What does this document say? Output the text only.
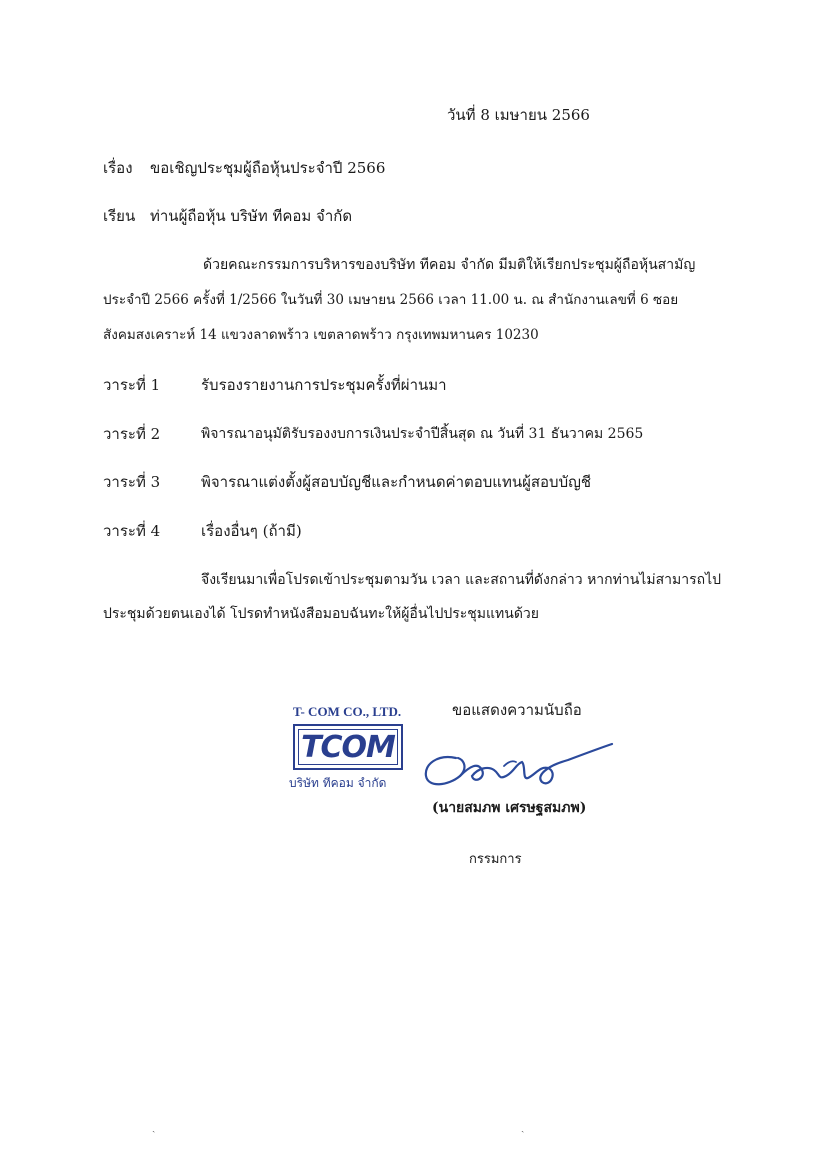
วันที่ 8 เมษายน 2566
เรื่อง ขอเชิญประชุมผู้ถือหุ้นประจำปี 2566
เรียน ท่านผู้ถือหุ้น บริษัท ทีคอม จำกัด
ด้วยคณะกรรมการบริหารของบริษัท ทีคอม จำกัด มีมติให้เรียกประชุมผู้ถือหุ้นสามัญ
ประจำปี 2566 ครั้งที่ 1/2566 ในวันที่ 30 เมษายน 2566 เวลา 11.00 น. ณ สำนักงานเลขที่ 6 ซอย
สังคมสงเคราะห์ 14 แขวงลาดพร้าว เขตลาดพร้าว กรุงเทพมหานคร 10230
วาระที่ 1	รับรองรายงานการประชุมครั้งที่ผ่านมา
วาระที่ 2	พิจารณาอนุมัติรับรองงบการเงินประจำปีสิ้นสุด ณ วันที่ 31 ธันวาคม 2565
วาระที่ 3	พิจารณาแต่งตั้งผู้สอบบัญชีและกำหนดค่าตอบแทนผู้สอบบัญชี
วาระที่ 4	เรื่องอื่นๆ (ถ้ามี)
จึงเรียนมาเพื่อโปรดเข้าประชุมตามวัน เวลา และสถานที่ดังกล่าว หากท่านไม่สามารถไป
ประชุมด้วยตนเองได้ โปรดทำหนังสือมอบฉันทะให้ผู้อื่นไปประชุมแทนด้วย
ขอแสดงความนับถือ
T- COM CO., LTD.
TCOM
บริษัท ทีคอม จำกัด
(นายสมภพ เศรษฐสมภพ)
กรรมการ
ˎ	ˎ
